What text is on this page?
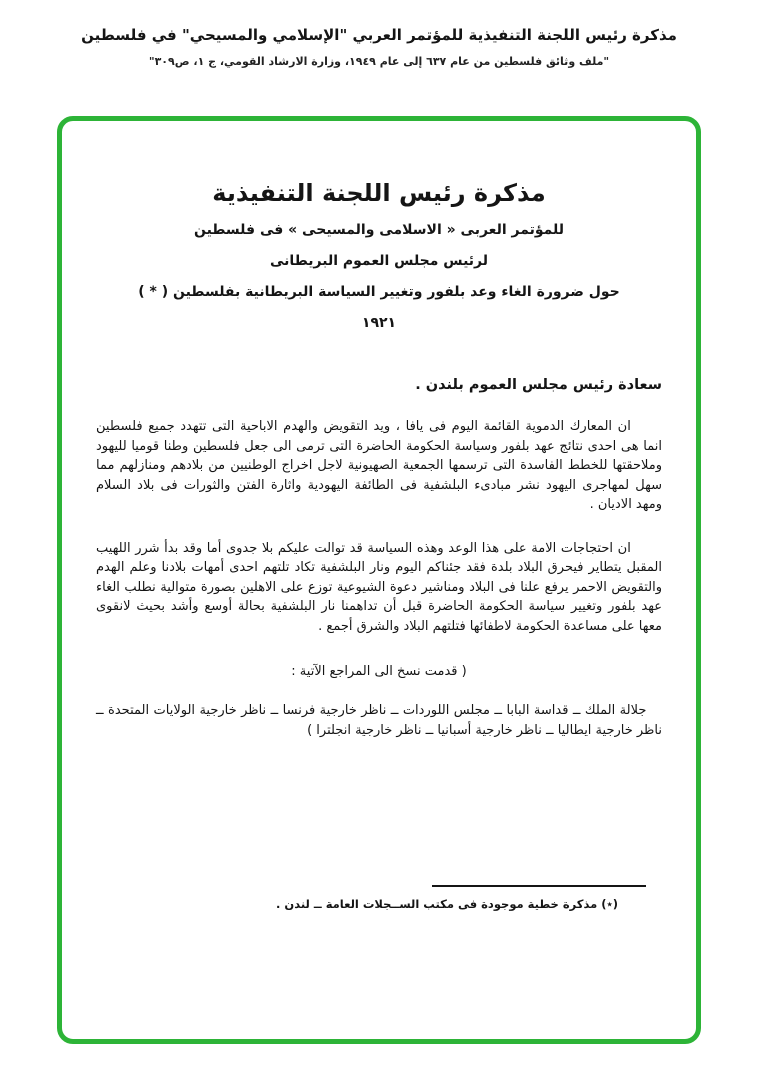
مذكرة رئيس اللجنة التنفيذية للمؤتمر العربي "الإسلامي والمسيحي" في فلسطين
"ملف وثائق فلسطين من عام ٦٣٧ إلى عام ١٩٤٩، وزارة الارشاد القومي، ج ١، ص٣٠٩"
مذكرة رئيس اللجنة التنفيذية
للمؤتمر العربى « الاسلامى والمسيحى » فى فلسطين
لرئيس مجلس العموم البريطانى
حول ضرورة الغاء وعد بلفور وتغيير السياسة البريطانية بفلسطين ( * )
١٩٢١
سعادة رئيس مجلس العموم بلندن .

ان المعارك الدموية القائمة اليوم فى يافا ، ويد التقويض والهدم الاباحية التى تتهدد جميع فلسطين انما هى احدى نتائج عهد بلفور وسياسة الحكومة الحاضرة التى ترمى الى جعل فلسطين وطنا قوميا لليهود وملاحقتها للخطط الفاسدة التى ترسمها الجمعية الصهيونية لاجل اخراج الوطنيين من بلادهم ومنازلهم مما سهل لمهاجرى اليهود نشر مبادىء البلشفية فى الطائفة اليهودية واثارة الفتن والثورات فى بلاد السلام ومهد الاديان .

ان احتجاجات الامة على هذا الوعد وهذه السياسة قد توالت عليكم بلا جدوى أما وقد بدأ شرر اللهيب المقبل يتطاير فيحرق البلاد بلدة فقد جئناكم اليوم ونار البلشفية تكاد تلتهم احدى أمهات بلادنا وعلم الهدم والتقويض الاحمر يرفع علنا فى البلاد ومناشير دعوة الشيوعية توزع على الاهلين بصورة متوالية نطلب الغاء عهد بلفور وتغيير سياسة الحكومة الحاضرة قبل أن تداهمنا نار البلشفية بحالة أوسع وأشد بحيث لانقوى معها على مساعدة الحكومة لاطفائها فتلتهم البلاد والشرق أجمع .

( قدمت نسخ الى المراجع الآتية :

جلالة الملك ــ قداسة البابا ــ مجلس اللوردات ــ ناظر خارجية فرنسا ــ ناظر خارجية الولايات المتحدة ــ ناظر خارجية ايطاليا ــ ناظر خارجية أسبانيا ــ ناظر خارجية انجلترا )

(٭) مذكرة خطية موجودة فى مكتب الســجلات العامة ــ لندن .
